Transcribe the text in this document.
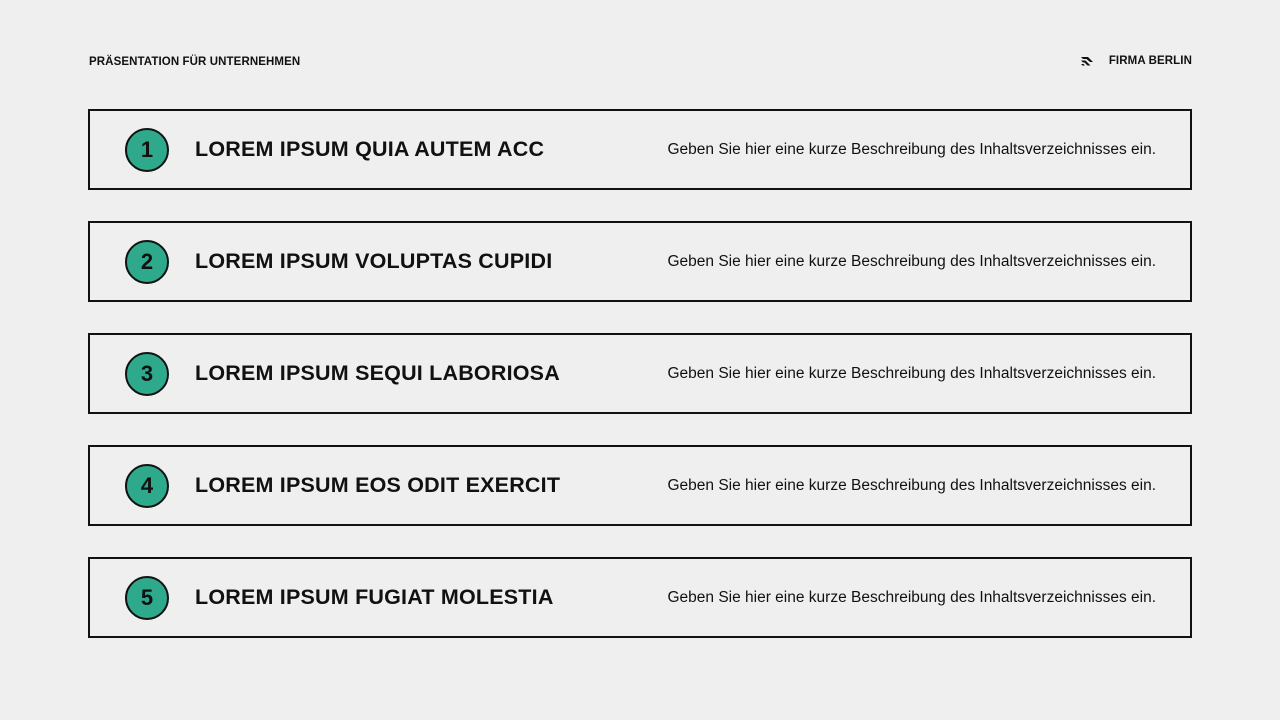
PRÄSENTATION FÜR UNTERNEHMEN	FIRMA BERLIN
1	LOREM IPSUM QUIA AUTEM ACC	Geben Sie hier eine kurze Beschreibung des Inhaltsverzeichnisses ein.
2	LOREM IPSUM VOLUPTAS CUPIDI	Geben Sie hier eine kurze Beschreibung des Inhaltsverzeichnisses ein.
3	LOREM IPSUM SEQUI LABORIOSA	Geben Sie hier eine kurze Beschreibung des Inhaltsverzeichnisses ein.
4	LOREM IPSUM EOS ODIT EXERCIT	Geben Sie hier eine kurze Beschreibung des Inhaltsverzeichnisses ein.
5	LOREM IPSUM FUGIAT MOLESTIA	Geben Sie hier eine kurze Beschreibung des Inhaltsverzeichnisses ein.
